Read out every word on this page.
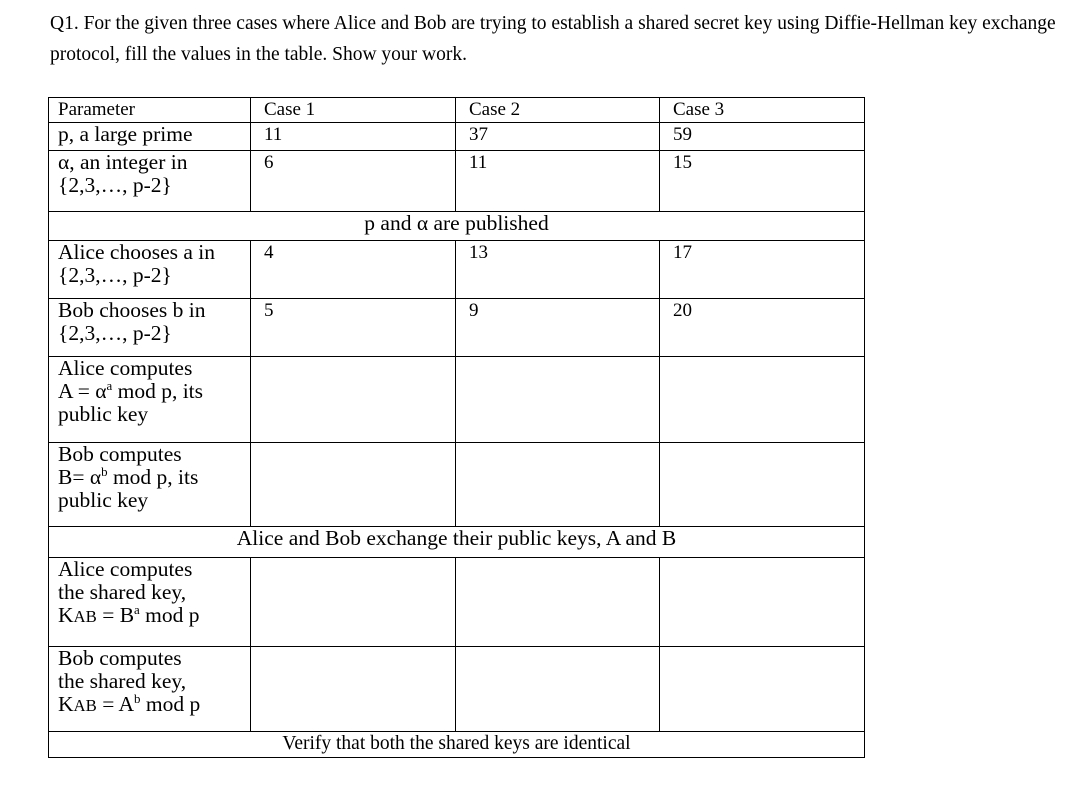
Q1. For the given three cases where Alice and Bob are trying to establish a shared secret key using Diffie-Hellman key exchange protocol, fill the values in the table. Show your work.

Parameter	Case 1	Case 2	Case 3
p, a large prime	11	37	59
α, an integer in {2,3,…, p-2}	6	11	15
p and α are published			
Alice chooses a in {2,3,…, p-2}	4	13	17
Bob chooses b in {2,3,…, p-2}	5	9	20

Alice computes
$A = \alpha^a$ mod p, its
public key			

Bob computes
$B= \alpha^b$ mod p, its
public key			

Alice and Bob exchange their public keys, A and B			

Alice computes
the shared key,
KAB = $B^a$ mod p			

Bob computes
the shared key,
KAB = $A^b$ mod p			

Verify that both the shared keys are identical			
